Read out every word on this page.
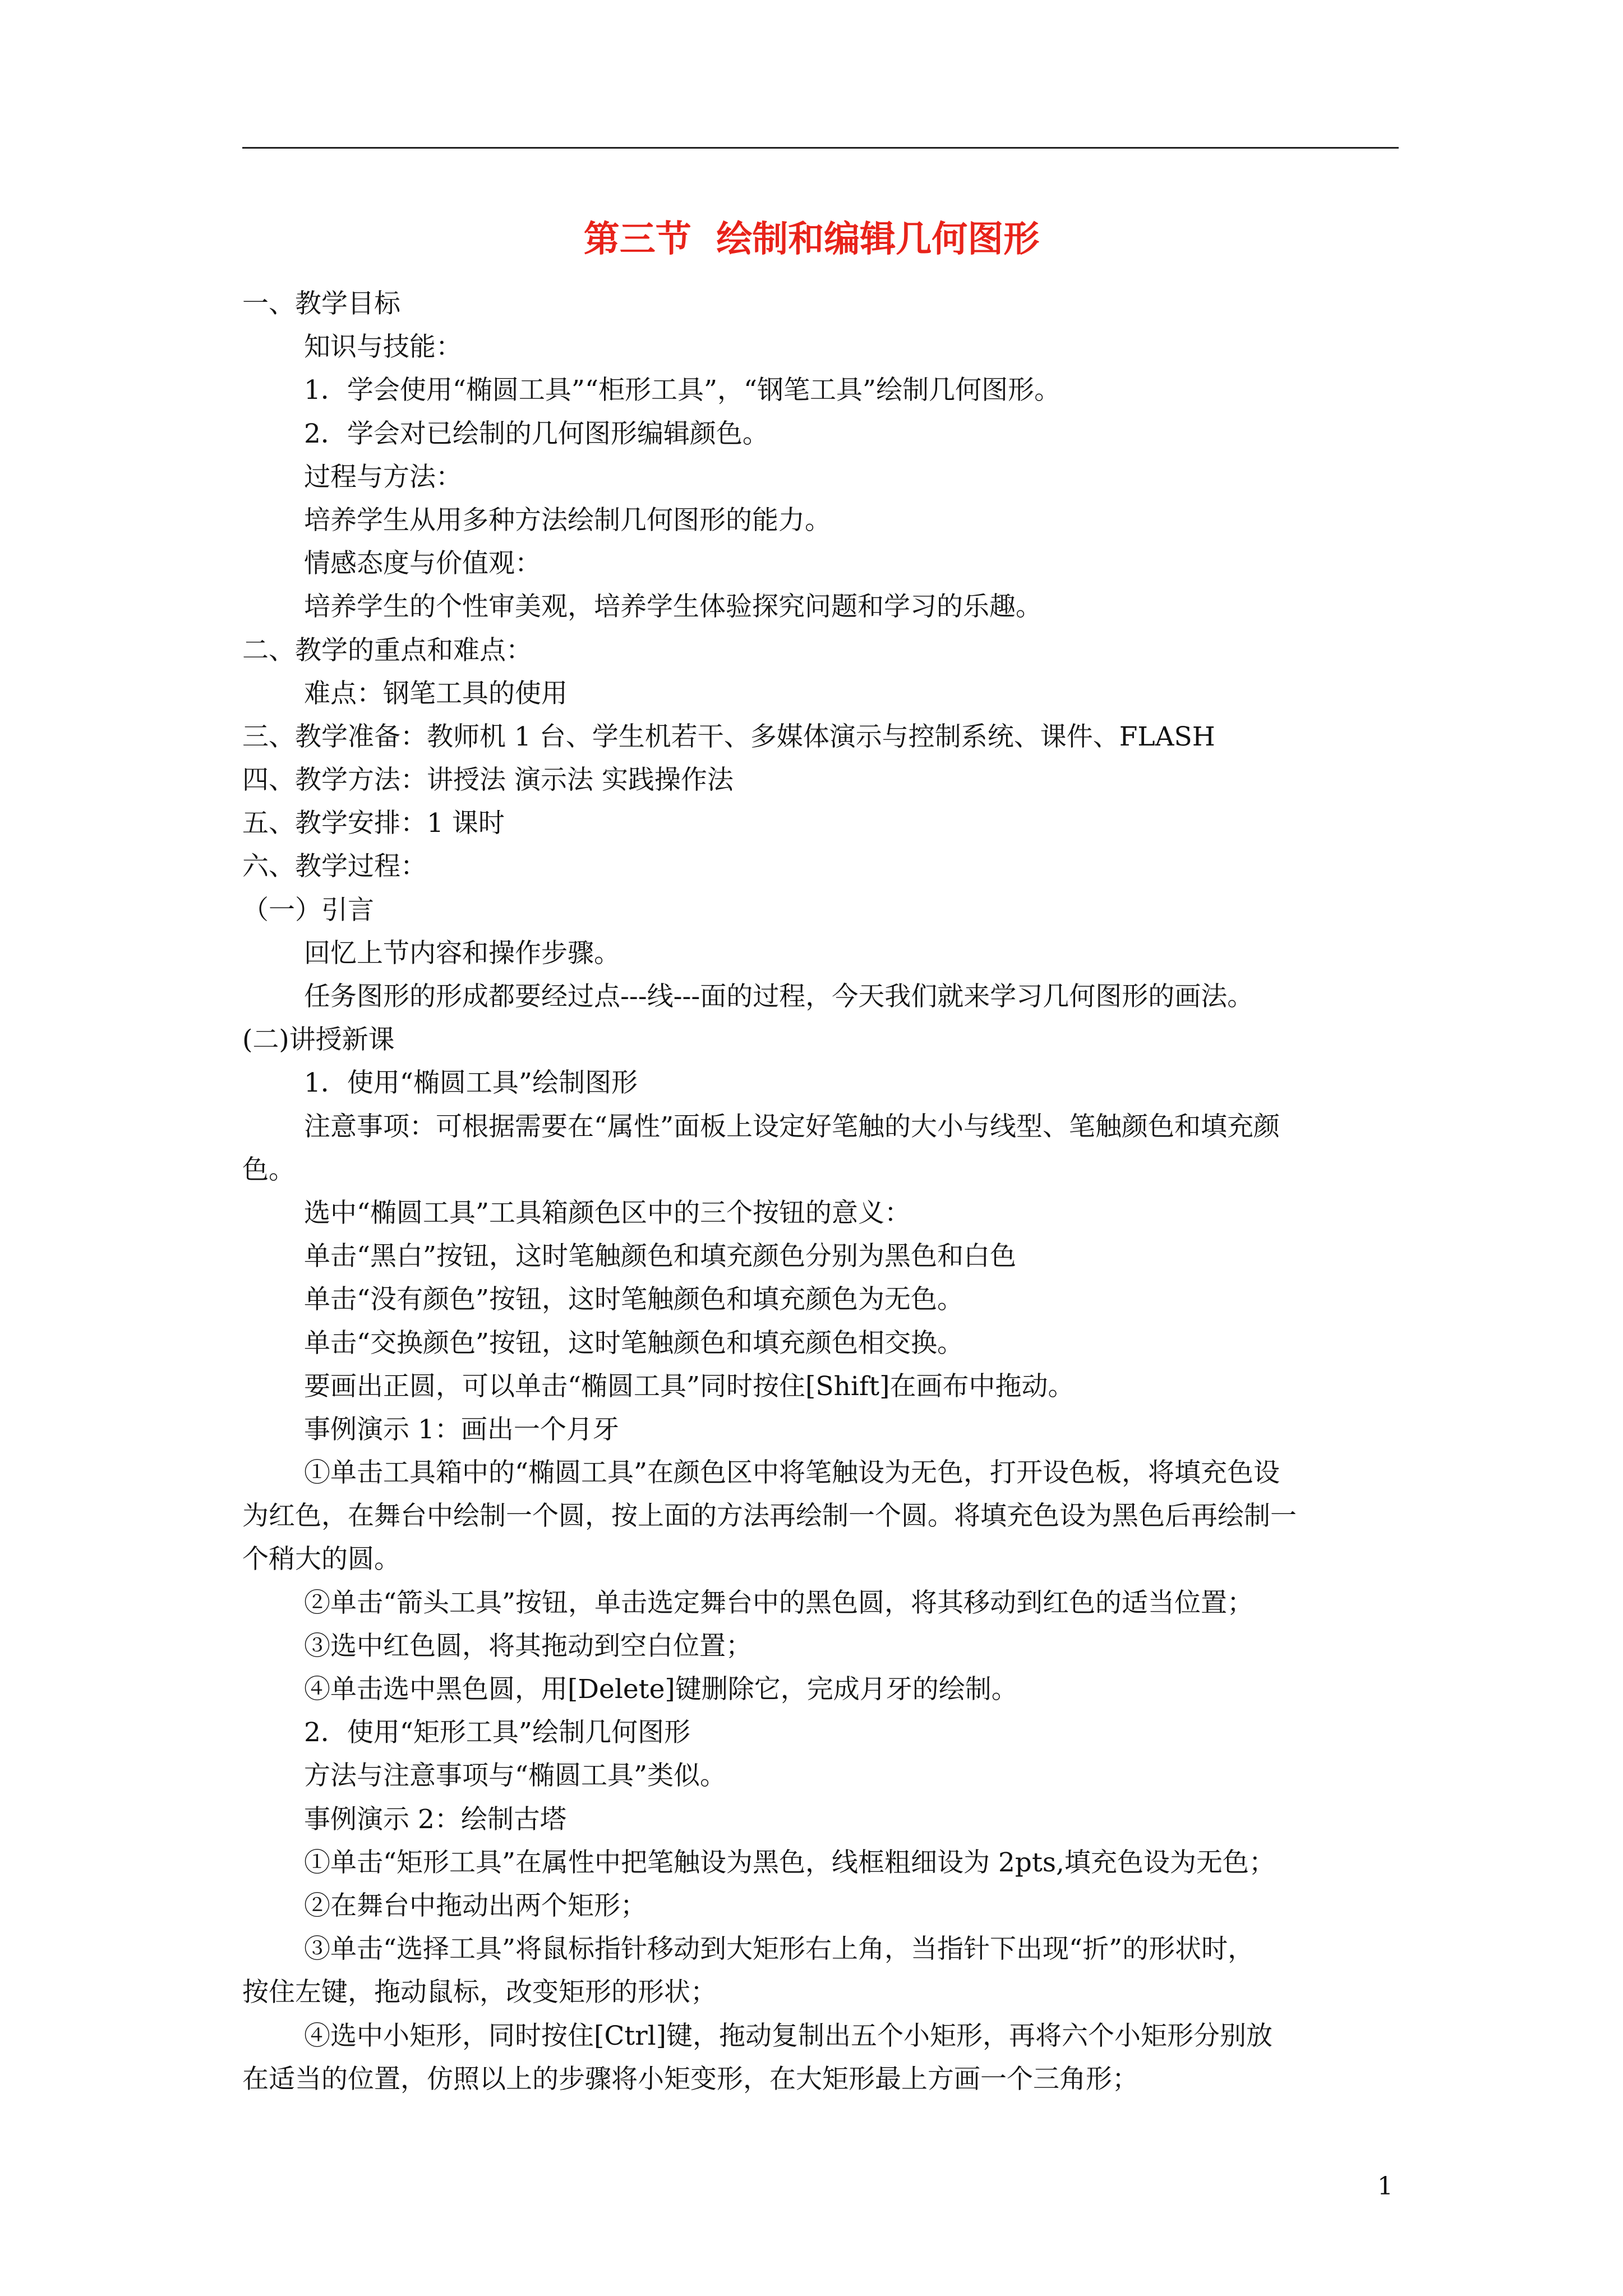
第三节  绘制和编辑几何图形
一、教学目标
知识与技能：
1．学会使用“椭圆工具”“柜形工具”，“钢笔工具”绘制几何图形。
2．学会对已绘制的几何图形编辑颜色。
过程与方法：
培养学生从用多种方法绘制几何图形的能力。
情感态度与价值观：
培养学生的个性审美观，培养学生体验探究问题和学习的乐趣。
二、教学的重点和难点：
难点：钢笔工具的使用
三、教学准备：教师机 1 台、学生机若干、多媒体演示与控制系统、课件、FLASH
四、教学方法：讲授法 演示法 实践操作法
五、教学安排：1 课时
六、教学过程：
（一）引言
回忆上节内容和操作步骤。
任务图形的形成都要经过点---线---面的过程，今天我们就来学习几何图形的画法。
(二)讲授新课
1．使用“椭圆工具”绘制图形
注意事项：可根据需要在“属性”面板上设定好笔触的大小与线型、笔触颜色和填充颜
色。
选中“椭圆工具”工具箱颜色区中的三个按钮的意义：
单击“黑白”按钮，这时笔触颜色和填充颜色分别为黑色和白色
单击“没有颜色”按钮，这时笔触颜色和填充颜色为无色。
单击“交换颜色”按钮，这时笔触颜色和填充颜色相交换。
要画出正圆，可以单击“椭圆工具”同时按住[Shift]在画布中拖动。
事例演示 1：画出一个月牙
①单击工具箱中的“椭圆工具”在颜色区中将笔触设为无色，打开设色板，将填充色设
为红色，在舞台中绘制一个圆，按上面的方法再绘制一个圆。将填充色设为黑色后再绘制一
个稍大的圆。
②单击“箭头工具”按钮，单击选定舞台中的黑色圆，将其移动到红色的适当位置；
③选中红色圆，将其拖动到空白位置；
④单击选中黑色圆，用[Delete]键删除它，完成月牙的绘制。
2．使用“矩形工具”绘制几何图形
方法与注意事项与“椭圆工具”类似。
事例演示 2：绘制古塔
①单击“矩形工具”在属性中把笔触设为黑色，线框粗细设为 2pts,填充色设为无色；
②在舞台中拖动出两个矩形；
③单击“选择工具”将鼠标指针移动到大矩形右上角，当指针下出现“折”的形状时，
按住左键，拖动鼠标，改变矩形的形状；
④选中小矩形，同时按住[Ctrl]键，拖动复制出五个小矩形，再将六个小矩形分别放
在适当的位置，仿照以上的步骤将小矩变形，在大矩形最上方画一个三角形；
1
